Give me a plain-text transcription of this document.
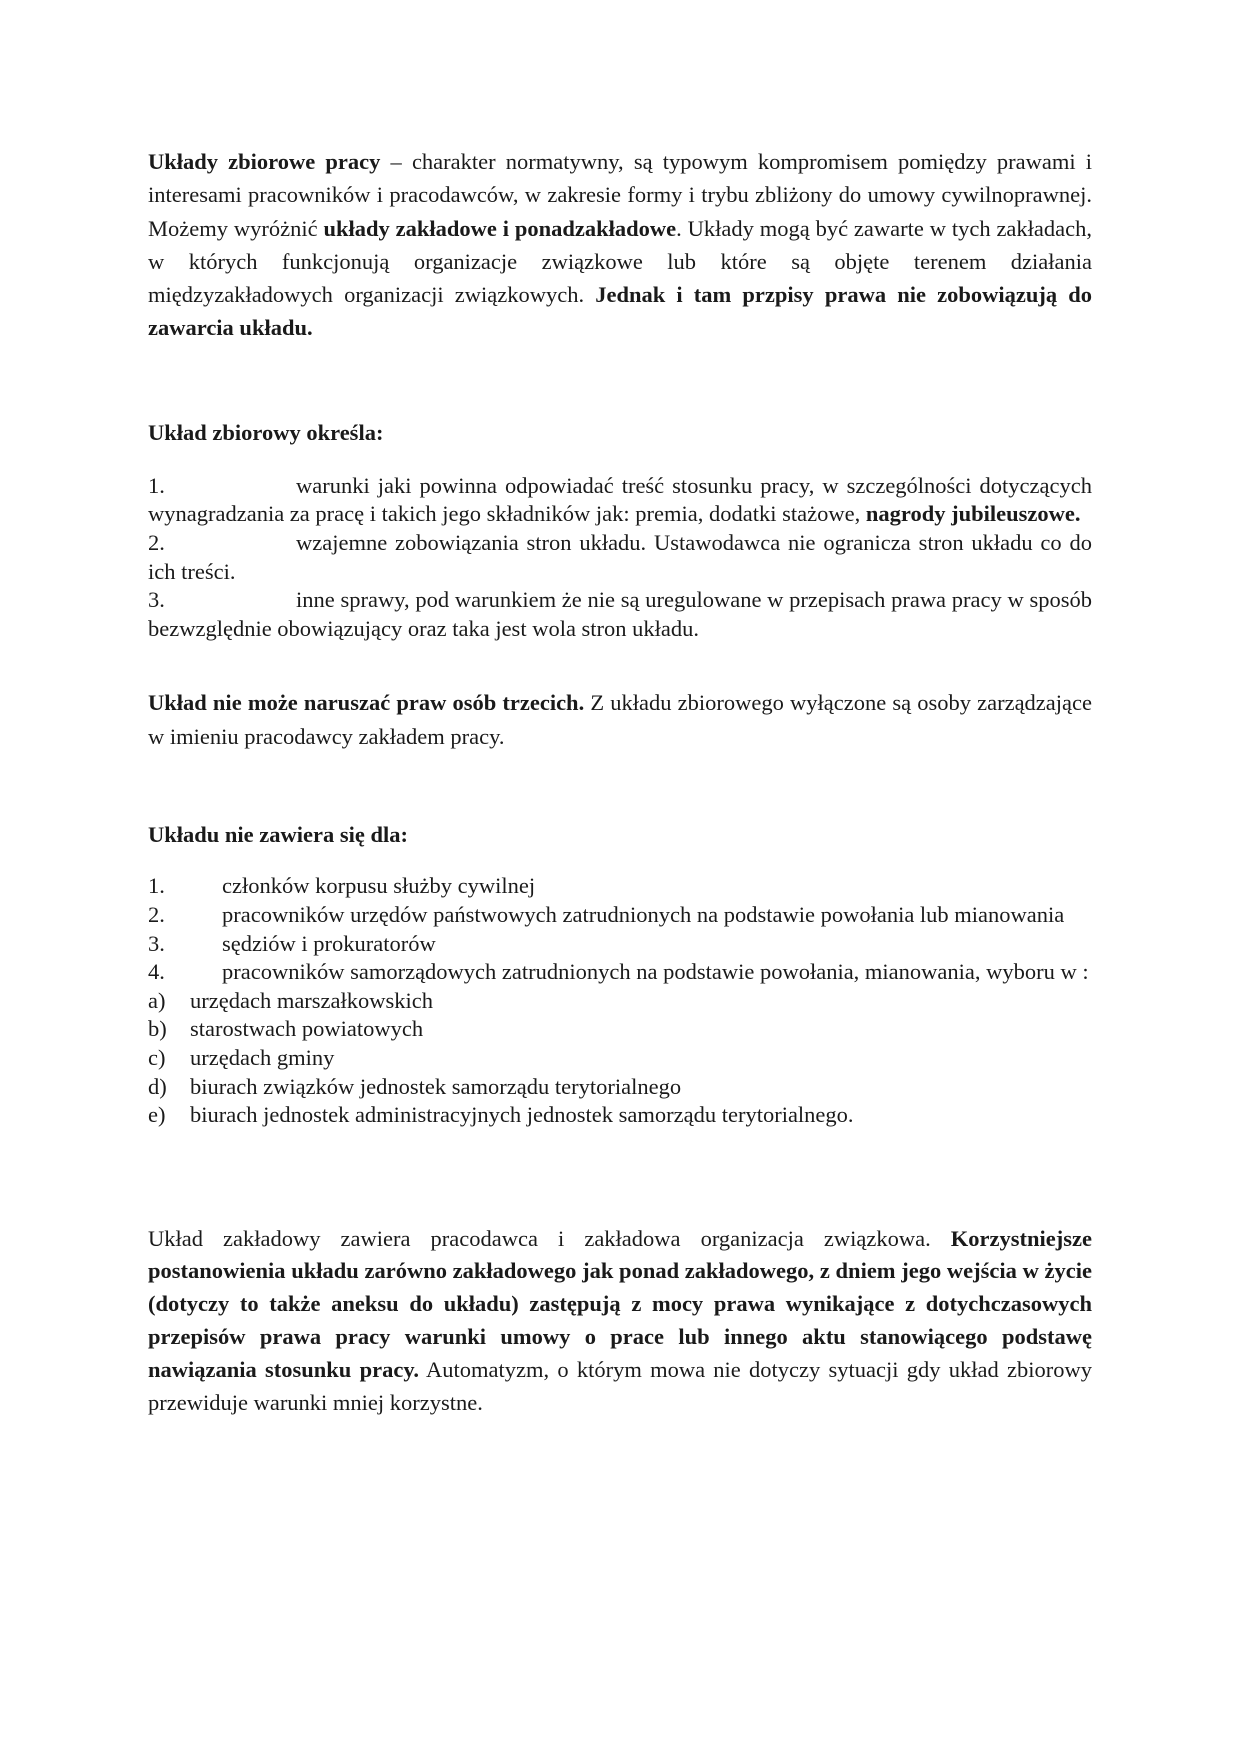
Układy zbiorowe pracy – charakter normatywny, są typowym kompromisem pomiędzy prawami i interesami pracowników i pracodawców, w zakresie formy i trybu zbliżony do umowy cywilnoprawnej. Możemy wyróżnić układy zakładowe i ponadzakładowe. Układy mogą być zawarte w tych zakładach, w których funkcjonują organizacje związkowe lub które są objęte terenem działania międzyzakładowych organizacji związkowych. Jednak i tam przpisy prawa nie zobowiązują do zawarcia układu.

Układ zbiorowy określa:

1.	warunki jaki powinna odpowiadać treść stosunku pracy, w szczególności dotyczących wynagradzania za pracę i takich jego składników jak: premia, dodatki stażowe, nagrody jubileuszowe.

2.	wzajemne zobowiązania stron układu. Ustawodawca nie ogranicza stron układu co do ich treści.

3.	inne sprawy, pod warunkiem że nie są uregulowane w przepisach prawa pracy w sposób bezwzględnie obowiązujący oraz taka jest wola stron układu.

Układ nie może naruszać praw osób trzecich. Z układu zbiorowego wyłączone są osoby zarządzające w imieniu pracodawcy zakładem pracy.

Układu nie zawiera się dla:

1.	członków korpusu służby cywilnej

2.	pracowników urzędów państwowych zatrudnionych na podstawie powołania lub mianowania

3.	sędziów i prokuratorów

4.	pracowników samorządowych zatrudnionych na podstawie powołania, mianowania, wyboru w :

a)	urzędach marszałkowskich
b)	starostwach powiatowych
c)	urzędach gminy
d)	biurach związków jednostek samorządu terytorialnego
e)	biurach jednostek administracyjnych jednostek samorządu terytorialnego.

Układ zakładowy zawiera pracodawca i zakładowa organizacja związkowa. Korzystniejsze postanowienia układu zarówno zakładowego jak ponad zakładowego, z dniem jego wejścia w życie (dotyczy to także aneksu do układu) zastępują z mocy prawa wynikające z dotychczasowych przepisów prawa pracy warunki umowy o prace lub innego aktu stanowiącego podstawę nawiązania stosunku pracy. Automatyzm, o którym mowa nie dotyczy sytuacji gdy układ zbiorowy przewiduje warunki mniej korzystne.
